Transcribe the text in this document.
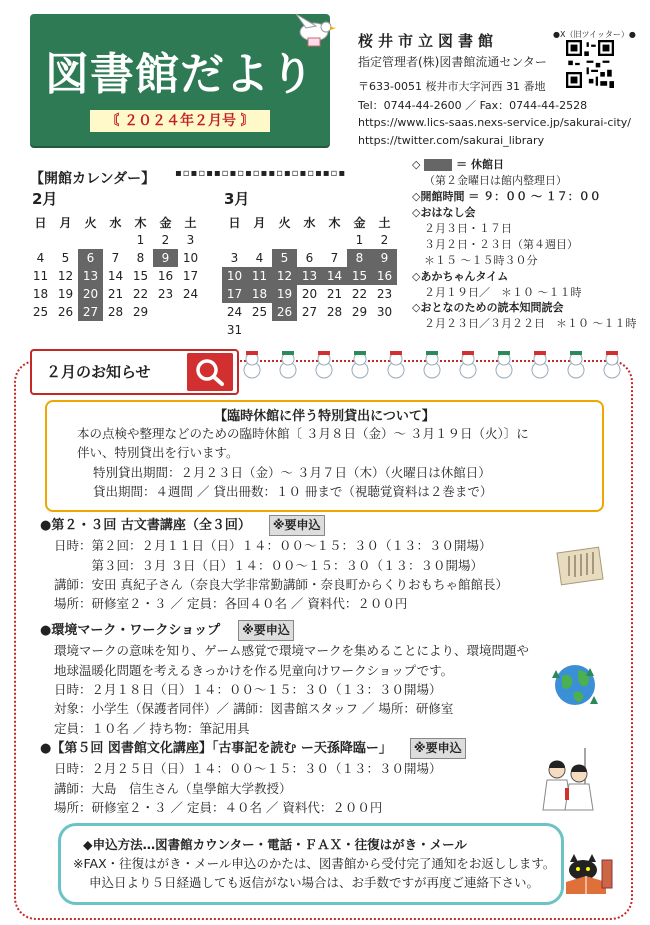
図書館だより
〘 ２０２４年２月号 〙
桜井市立図書館
指定管理者(株)図書館流通センター
〒633-0051 桜井市大字河西 31 番地
Tel：0744-44-2600 ／ Fax：0744-44-2528
https://www.lics-saas.nexs-service.jp/sakurai-city/
https://twitter.com/sakurai_library
●X（旧ツイッター）●
【開館カレンダー】 ▪▫▪▫▪▪▫▪▫▪▫▪▪▫▪▫▪▫▪▪▫▪
2月	3月
日	月	火	水	木	金	土
				1	2	3
4	5	6	7	8	9	10
11	12	13	14	15	16	17
18	19	20	21	22	23	24
25	26	27	28	29		
日	月	火	水	木	金	土
					1	2
3	4	5	6	7	8	9
10	11	12	13	14	15	16
17	18	19	20	21	22	23
24	25	26	27	28	29	30
31						
◇	＝ 休館日
（第２金曜日は館内整理日）
◇開館時間 ＝ ９：００ ～ １７：００
◇おはなし会
２月３日・１７日
３月２日・２３日（第４週目）
＊１５ ～１５時３０分
◇あかちゃんタイム
２月１９日／　＊１０ ～１１時
◇おとなのための読本知問読会
２月２３日／３月２２日　＊１０ ～１１時
２月のお知らせ
【臨時休館に伴う特別貸出について】

本の点検や整理などのための臨時休館〔 ３月８日（金）～ ３月１９日（火）〕に

伴い、特別貸出を行います。

特別貸出期間：２月２３日（金）～ ３月７日（木）（火曜日は休館日）

貸出期間：４週間 ／ 貸出冊数：１０ 冊まで（視聴覚資料は２巻まで）

●第２・３回 古文書講座（全３回） ※要申込
日時：第２回：２月１１日（日）１４：００～１５：３０（１３：３０開場）
　　　第３回：３月 ３日（日）１４：００～１５：３０（１３：３０開場）
講師：安田 真紀子さん（奈良大学非常勤講師・奈良町からくりおもちゃ館館長）
場所：研修室２・３ ／ 定員：各回４０名 ／ 資料代：２００円
●環境マーク・ワークショップ ※要申込
環境マークの意味を知り、ゲーム感覚で環境マークを集めることにより、環境問題や
地球温暖化問題を考えるきっかけを作る児童向けワークショップです。
日時：２月１８日（日）１４：００～１５：３０（１３：３０開場）
対象：小学生（保護者同伴）／ 講師：図書館スタッフ ／ 場所：研修室
定員：１０名 ／ 持ち物：筆記用具
●【第５回 図書館文化講座】「古事記を読む ー天孫降臨ー」 ※要申込
日時：２月２５日（日）１４：００～１５：３０（１３：３０開場）
講師：大島　信生さん（皇學館大学教授）
場所：研修室２・３ ／ 定員：４０名 ／ 資料代：２００円

◆申込方法…図書館カウンター・電話・ＦＡＸ・往復はがき・メール

※FAX・往復はがき・メール申込のかたは、図書館から受付完了通知をお返しします。

申込日より５日経過しても返信がない場合は、お手数ですが再度ご連絡下さい。
